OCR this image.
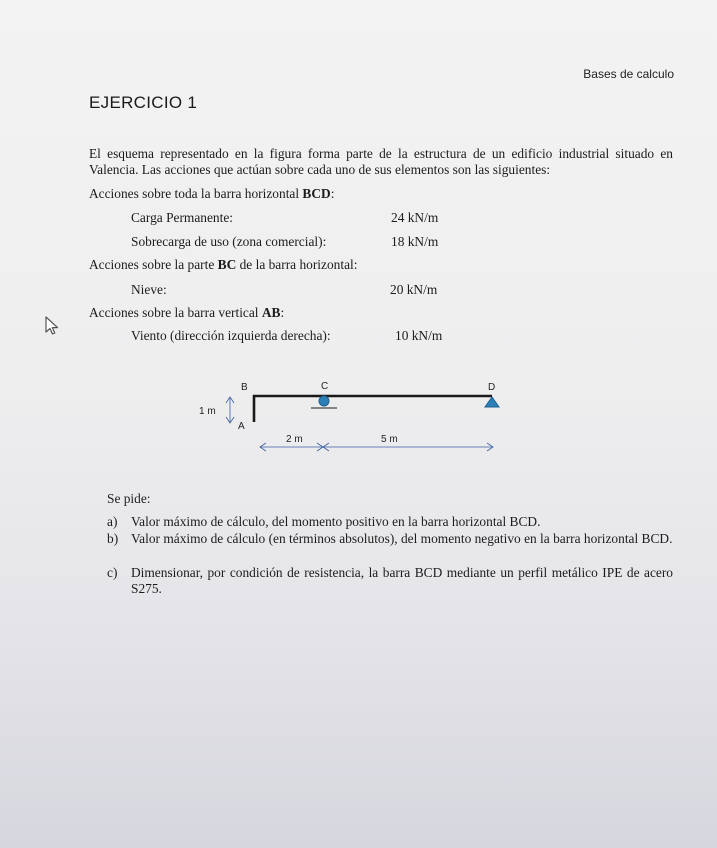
Bases de calculo
EJERCICIO 1
El esquema representado en la figura forma parte de la estructura de un edificio industrial situado en Valencia. Las acciones que actúan sobre cada uno de sus elementos son las siguientes:
Acciones sobre toda la barra horizontal BCD:
Carga Permanente:	24 kN/m
Sobrecarga de uso (zona comercial):	18 kN/m
Acciones sobre la parte BC de la barra horizontal:
Nieve:	20 kN/m
Acciones sobre la barra vertical AB:
Viento (dirección izquierda derecha):	10 kN/m
B	C	D
A
1 m
2 m	5 m
Se pide:
a) Valor máximo de cálculo, del momento positivo en la barra horizontal BCD.
b) Valor máximo de cálculo (en términos absolutos), del momento negativo en la barra horizontal BCD.
c) Dimensionar, por condición de resistencia, la barra BCD mediante un perfil metálico IPE de acero S275.
